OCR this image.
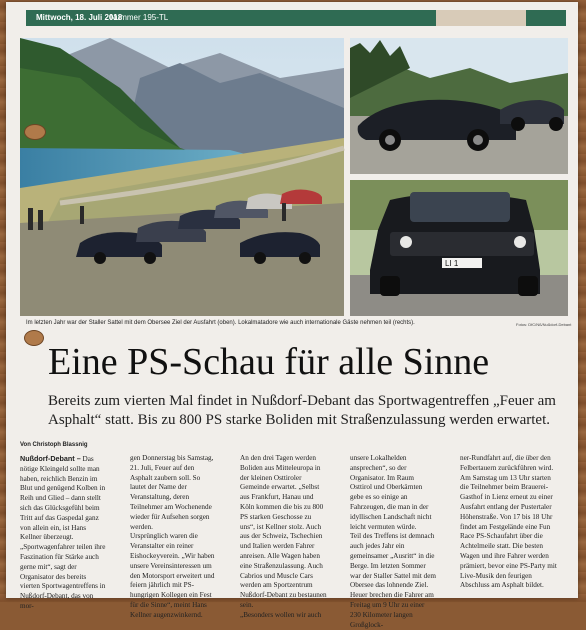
Mittwoch, 18. Juli 2018
Nummer 195-TL
LI 1
Im letzten Jahr war der Staller Sattel mit dem Obersee Ziel der Ausfahrt (oben). Lokalmatadore wie auch internationale Gäste nehmen teil (rechts).	Fotos: DfC/Nß/Nußdorf-Debant
Eine PS-Schau für alle Sinne
Bereits zum vierten Mal findet in Nußdorf-Debant das Sportwagentreffen „Feuer am Asphalt“ statt. Bis zu 800 PS starke Boliden mit Straßenzulassung werden erwartet.
Von Christoph Blassnig
Nußdorf-Debant – Das nötige Kleingeld sollte man haben, reichlich Benzin im Blut und genügend Kolben in Reih und Glied – dann stellt sich das Glücksgefühl beim Tritt auf das Gaspedal ganz von allein ein, ist Hans Kellner überzeugt. „Sportwagenfahrer teilen ihre Faszination für Stärke auch gerne mit“, sagt der Organisator des bereits vierten Sportwagentreffens in Nußdorf-Debant, das von mor-
gen Donnerstag bis Samstag, 21. Juli, Feuer auf den Asphalt zaubern soll. So lautet der Name der Veranstaltung, deren Teilnehmer am Wochenende wieder für Aufsehen sorgen werden.
Ursprünglich waren die Veranstalter ein reiner Eishockeyverein. „Wir haben unsere Vereinsinteressen um den Motorsport erweitert und feiern jährlich mit PS-hungrigen Kollegen ein Fest für die Sinne“, meint Hans Kellner augenzwinkernd.
An den drei Tagen werden Boliden aus Mitteleuropa in der kleinen Osttiroler Gemeinde erwartet. „Selbst aus Frankfurt, Hanau und Köln kommen die bis zu 800 PS starken Geschosse zu uns“, ist Kellner stolz. Auch aus der Schweiz, Tschechien und Italien werden Fahrer anreisen. Alle Wagen haben eine Straßenzulassung. Auch Cabrios und Muscle Cars werden am Sportzentrum Nußdorf-Debant zu bestaunen sein.
„Besonders wollen wir auch
unsere Lokalhelden ansprechen“, so der Organisator. Im Raum Osttirol und Oberkärnten gebe es so einige an Fahrzeugen, die man in der idyllischen Landschaft nicht leicht vermuten würde.
Teil des Treffens ist demnach auch jedes Jahr ein gemeinsamer „Ausritt“ in die Berge. Im letzten Sommer war der Staller Sattel mit dem Obersee das lohnende Ziel. Heuer brechen die Fahrer am Freitag um 9 Uhr zu einer 230 Kilometer langen Großglock-
ner-Rundfahrt auf, die über den Felbertauern zurückführen wird.
Am Samstag um 13 Uhr starten die Teilnehmer beim Brauerei-Gasthof in Lienz erneut zu einer Ausfahrt entlang der Pustertaler Höhenstraße. Von 17 bis 18 Uhr findet am Festgelände eine Fun Race PS-Schaufahrt über die Achtelmeile statt. Die besten Wagen und ihre Fahrer werden prämiert, bevor eine PS-Party mit Live-Musik den feurigen Abschluss am Asphalt bildet.
